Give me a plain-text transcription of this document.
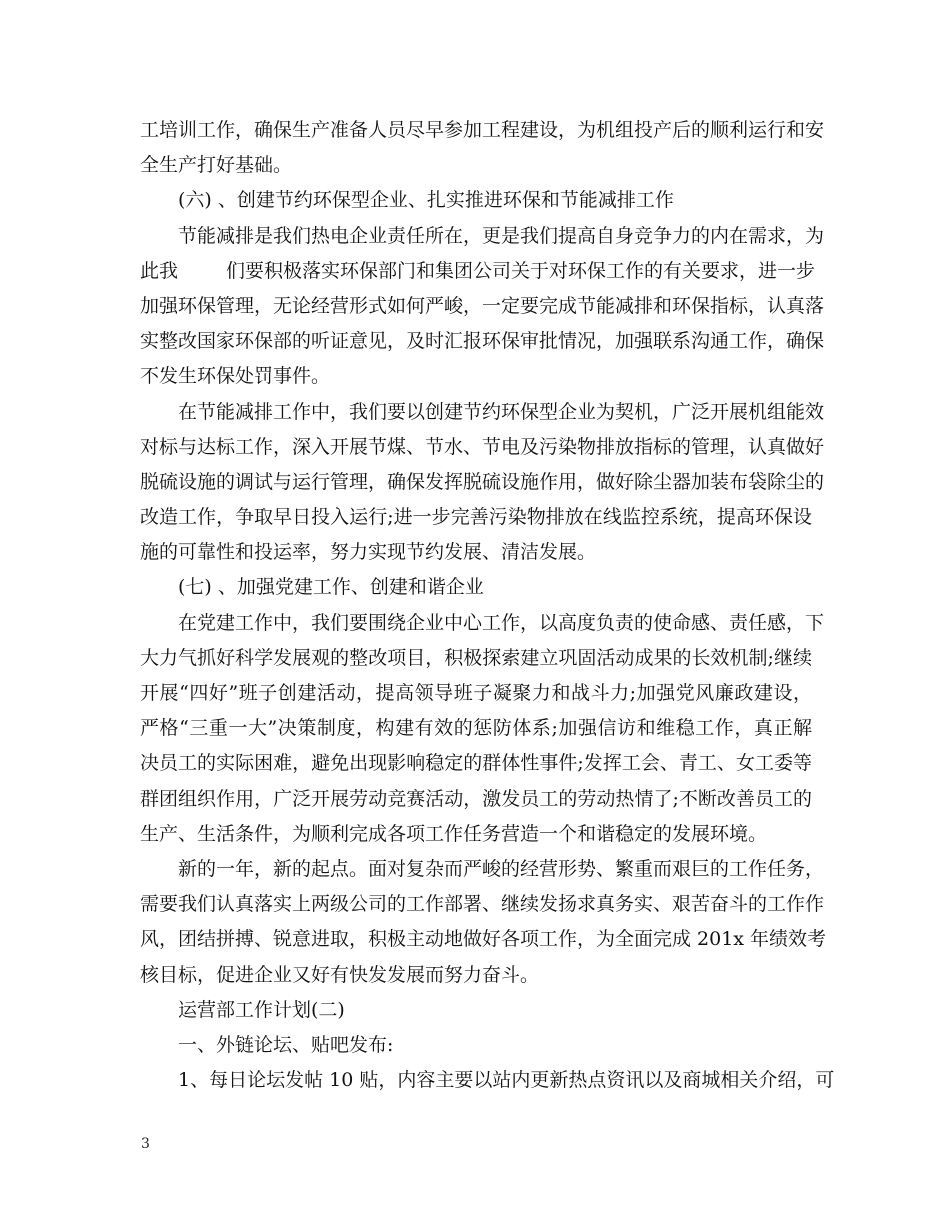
工培训工作，确保生产准备人员尽早参加工程建设，为机组投产后的顺利运行和安
全生产打好基础。
(六) 、创建节约环保型企业、扎实推进环保和节能减排工作
节能减排是我们热电企业责任所在，更是我们提高自身竞争力的内在需求，为
此我	们要积极落实环保部门和集团公司关于对环保工作的有关要求，进一步
加强环保管理，无论经营形式如何严峻，一定要完成节能减排和环保指标，认真落
实整改国家环保部的听证意见，及时汇报环保审批情况，加强联系沟通工作，确保
不发生环保处罚事件。
在节能减排工作中，我们要以创建节约环保型企业为契机，广泛开展机组能效
对标与达标工作，深入开展节煤、节水、节电及污染物排放指标的管理，认真做好
脱硫设施的调试与运行管理，确保发挥脱硫设施作用，做好除尘器加装布袋除尘的
改造工作，争取早日投入运行;进一步完善污染物排放在线监控系统，提高环保设
施的可靠性和投运率，努力实现节约发展、清洁发展。
(七) 、加强党建工作、创建和谐企业
在党建工作中，我们要围绕企业中心工作，以高度负责的使命感、责任感，下
大力气抓好科学发展观的整改项目，积极探索建立巩固活动成果的长效机制;继续
开展“四好”班子创建活动，提高领导班子凝聚力和战斗力;加强党风廉政建设，
严格“三重一大”决策制度，构建有效的惩防体系;加强信访和维稳工作，真正解
决员工的实际困难，避免出现影响稳定的群体性事件;发挥工会、青工、女工委等
群团组织作用，广泛开展劳动竞赛活动，激发员工的劳动热情了;不断改善员工的
生产、生活条件，为顺利完成各项工作任务营造一个和谐稳定的发展环境。
新的一年，新的起点。面对复杂而严峻的经营形势、繁重而艰巨的工作任务，
需要我们认真落实上两级公司的工作部署、继续发扬求真务实、艰苦奋斗的工作作
风，团结拼搏、锐意进取，积极主动地做好各项工作，为全面完成 201x 年绩效考
核目标，促进企业又好有快发发展而努力奋斗。
运营部工作计划(二)
一、外链论坛、贴吧发布:
1、每日论坛发帖 10 贴，内容主要以站内更新热点资讯以及商城相关介绍，可
3
